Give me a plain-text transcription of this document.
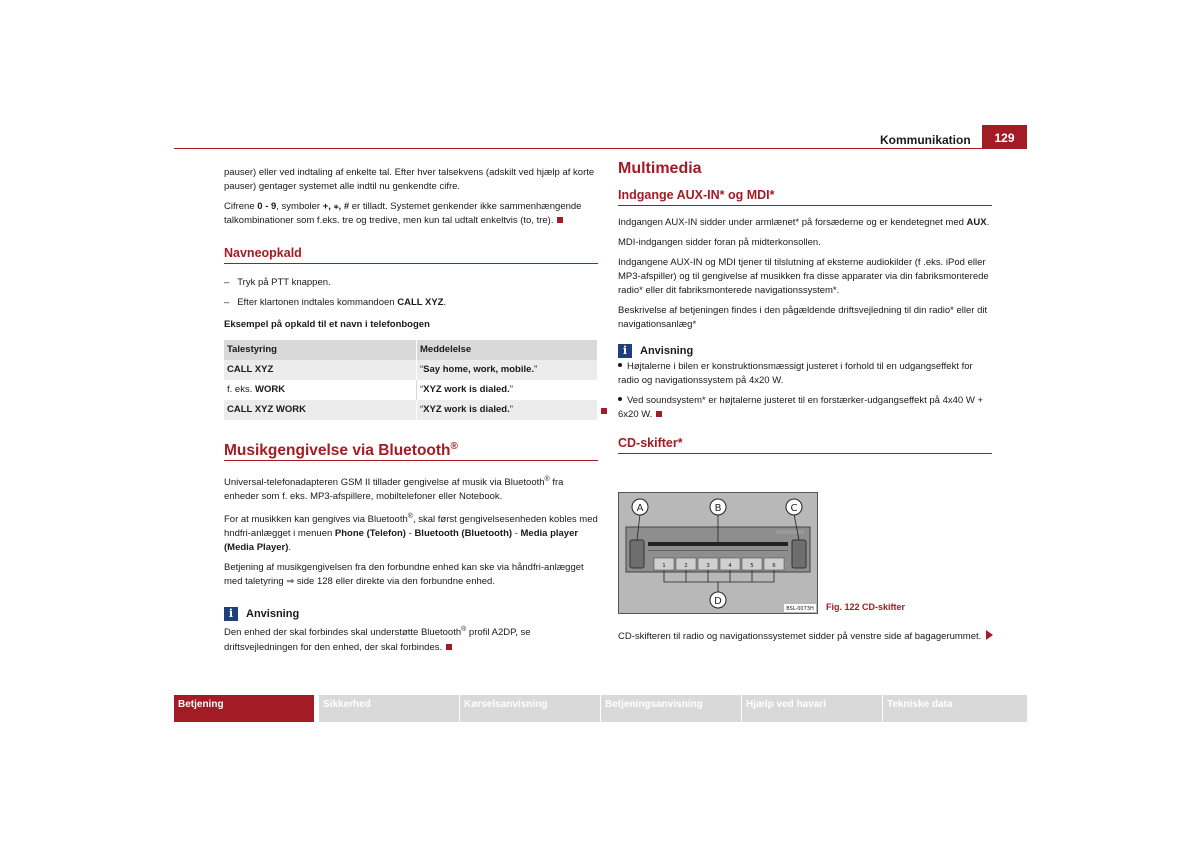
Kommunikation	129

pauser) eller ved indtaling af enkelte tal. Efter hver talsekvens (adskilt ved hjælp af korte pauser) gentager systemet alle indtil nu genkendte cifre.

Cifrene 0 - 9, symboler +, ⁎, # er tilladt. Systemet genkender ikke sammenhængende talkombinationer som f.eks. tre og tredive, men kun tal udtalt enkeltvis (to, tre).

Navneopkald
–   Tryk på PTT knappen.
–   Efter klartonen indtales kommandoen CALL XYZ.
Eksempel på opkald til et navn i telefonbogen
Talestyring	Meddelelse
CALL XYZ	“Say home, work, mobile.”
f. eks. WORK	“XYZ work is dialed.”
CALL XYZ WORK	“XYZ work is dialed.”
Musikgengivelse via Bluetooth®

Universal-telefonadapteren GSM II tillader gengivelse af musik via Bluetooth® fra enheder som f. eks. MP3-afspillere, mobiltelefoner eller Notebook.

For at musikken kan gengives via Bluetooth®, skal først gengivelsesenheden kobles med hndfri-anlægget i menuen Phone (Telefon) - Bluetooth (Bluetooth) - Media player (Media Player).

Betjening af musikgengivelsen fra den forbundne enhed kan ske via håndfri-anlægget med taletyring ⇒ side 128 eller direkte via den forbundne enhed.

i	Anvisning

Den enhed der skal forbindes skal understøtte Bluetooth® profil A2DP, se driftsvejledningen for den enhed, der skal forbindes.

Multimedia
Indgange AUX-IN* og MDI*

Indgangen AUX-IN sidder under armlænet* på forsæderne og er kendetegnet med AUX.

MDI-indgangen sidder foran på midterkonsollen.

Indgangene AUX-IN og MDI tjener til tilslutning af eksterne audiokilder (f .eks. iPod eller MP3-afspiller) og til gengivelse af musikken fra disse apparater via din fabriksmonterede radio* eller dit fabriksmonterede navigationssystem*.

Beskrivelse af betjeningen findes i den pågældende driftsvejledning til din radio* eller dit navigationsanlæg*

i	Anvisning

Højtalerne i bilen er konstruktionsmæssigt justeret i forhold til en udgangseffekt for radio og navigationssystem på 4x20 W.

Ved soundsystem* er højtalerne justeret til en forstærker-udgangseffekt på 4x40 W + 6x20 W.

CD-skifter*
1	2	3	4	5	6
A	B	C
D
BSL-0073H Fig. 122 CD-skifter
CD-skifteren til radio og navigationssystemet sidder på venstre side af bagagerummet.
Betjening	Sikkerhed	Kørselsanvisning	Betjeningsanvisning	Hjælp ved havari	Tekniske data
